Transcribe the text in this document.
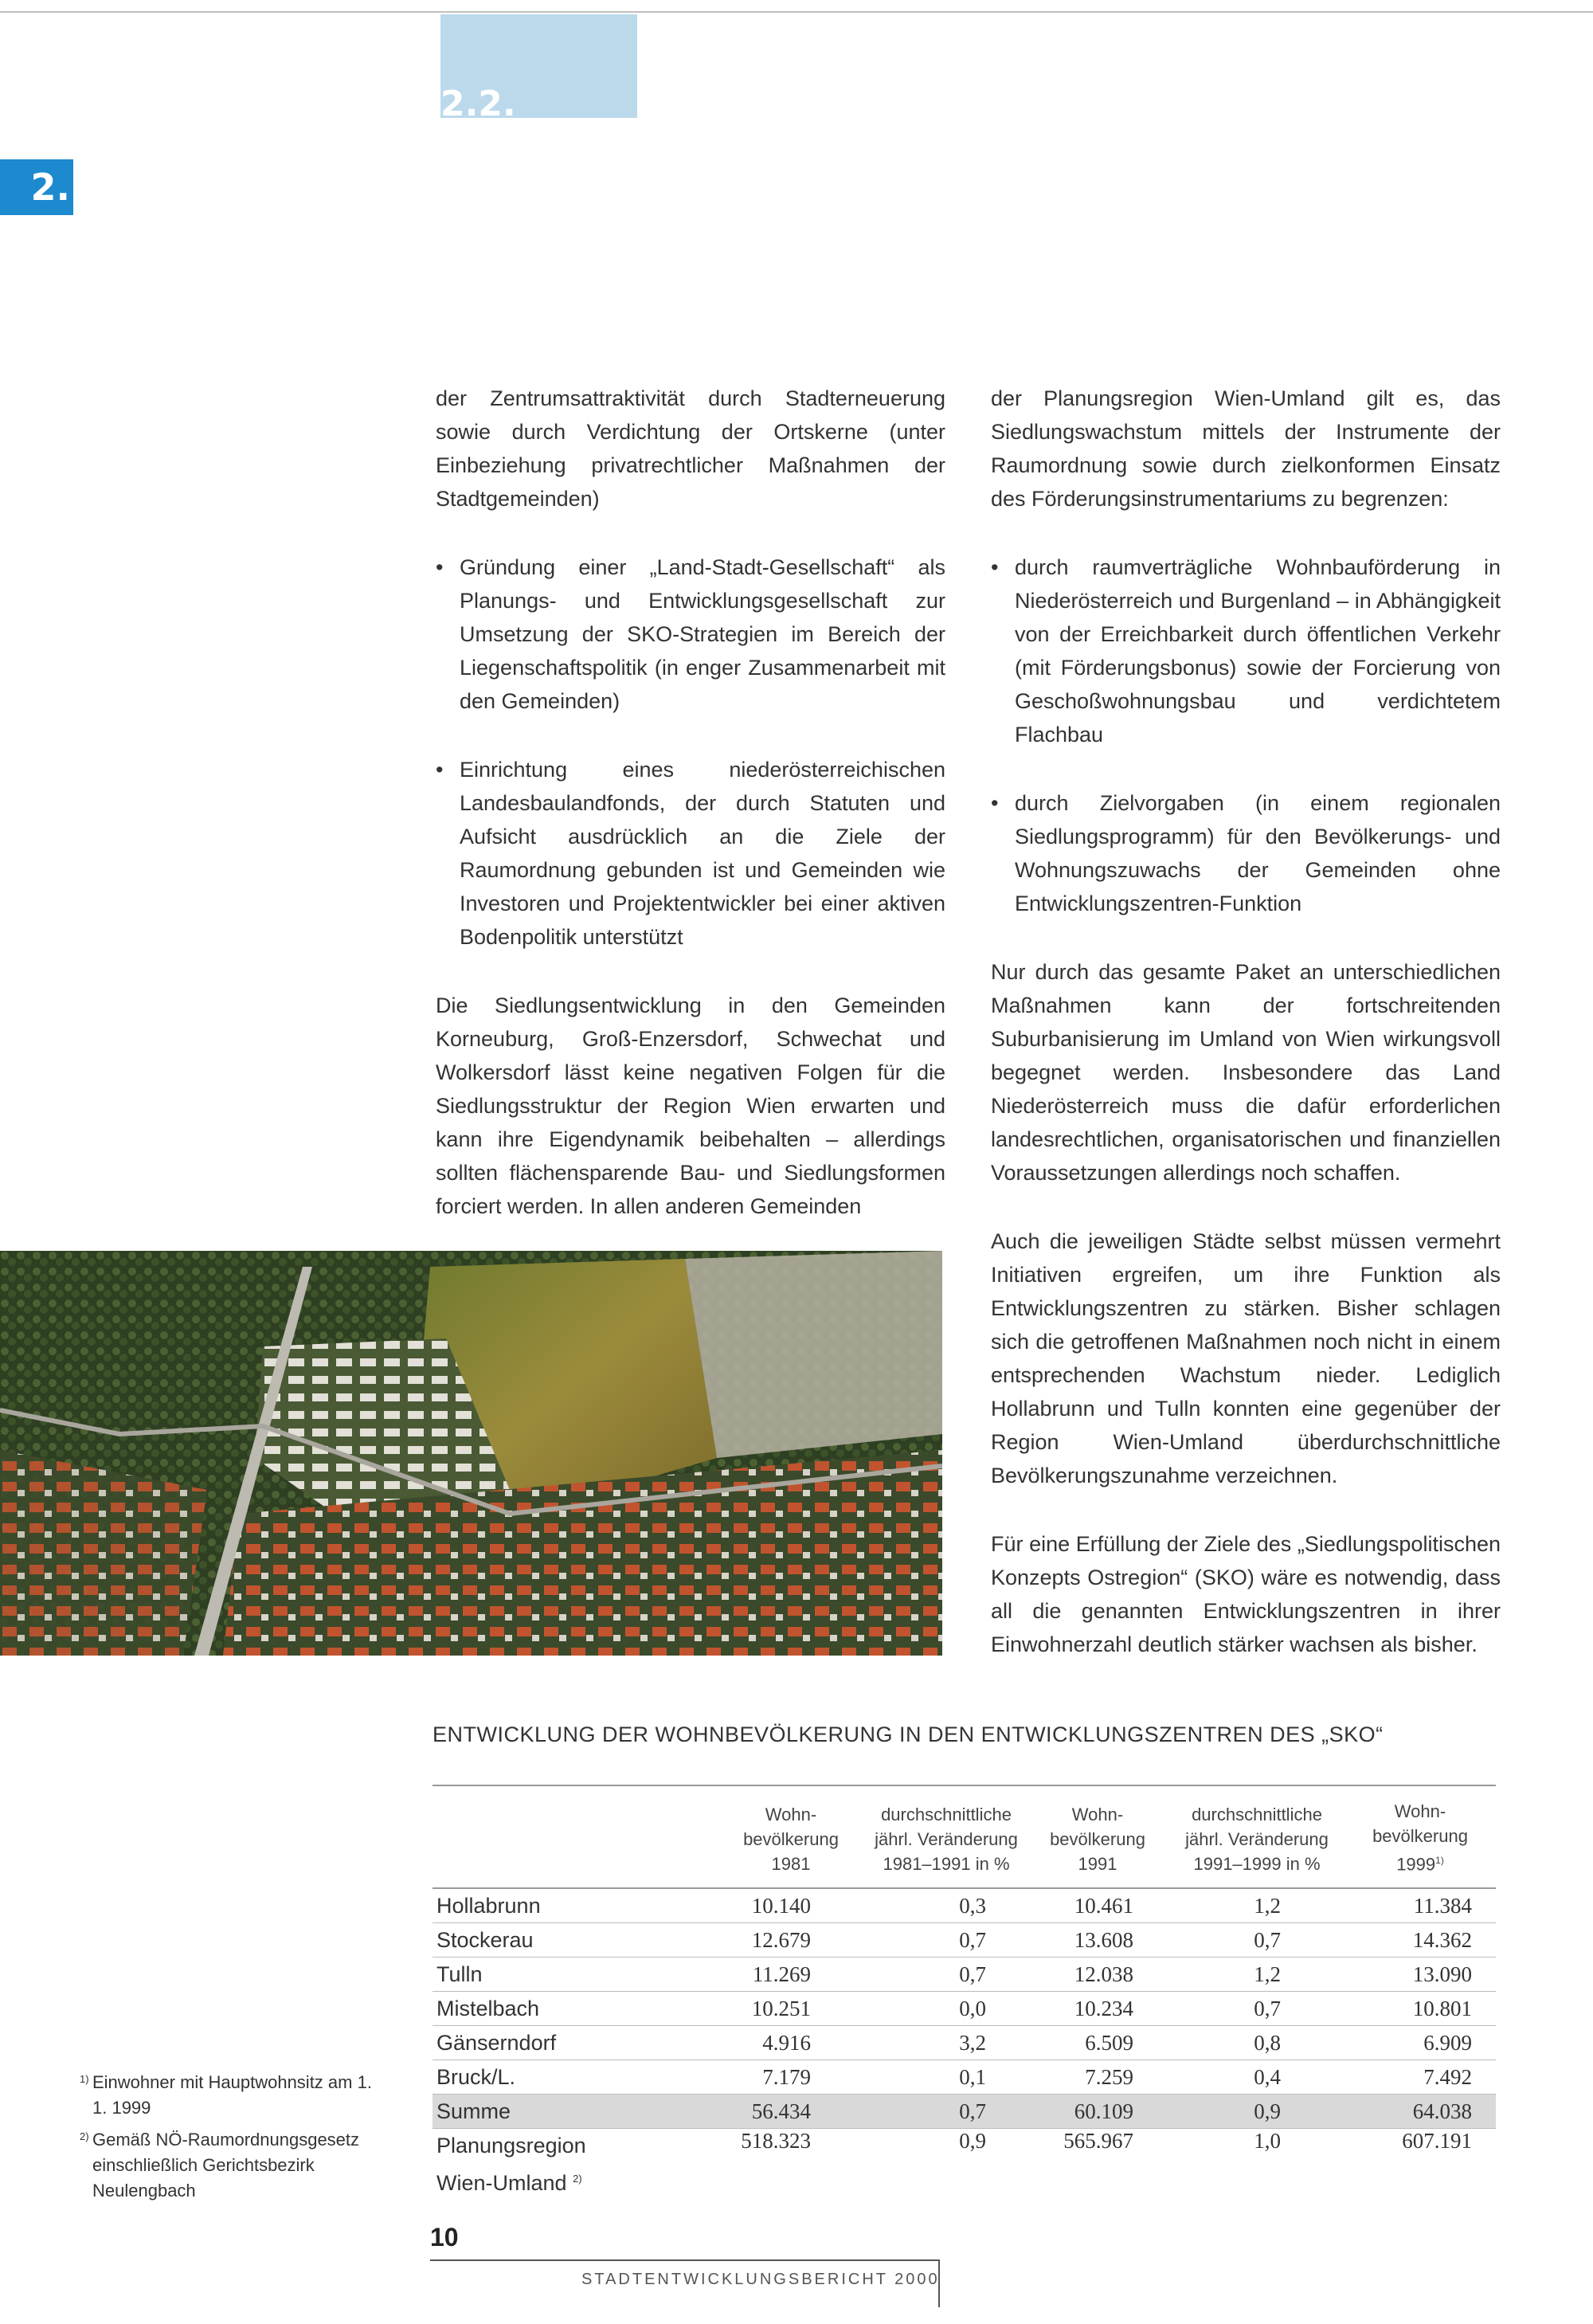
2.2.
2.

der Zentrumsattraktivität durch Stadterneuerung sowie durch Verdichtung der Ortskerne (unter Einbeziehung privatrechtlicher Maßnahmen der Stadtgemeinden)

• Gründung einer „Land-Stadt-Gesellschaft“ als Planungs- und Entwicklungsgesellschaft zur Umsetzung der SKO-Strategien im Bereich der Liegenschaftspolitik (in enger Zusammenarbeit mit den Gemeinden)
• Einrichtung eines niederösterreichischen Landesbaulandfonds, der durch Statuten und Aufsicht ausdrücklich an die Ziele der Raumordnung gebunden ist und Gemeinden wie Investoren und Projektentwickler bei einer aktiven Bodenpolitik unterstützt

Die Siedlungsentwicklung in den Gemeinden Korneuburg, Groß-Enzersdorf, Schwechat und Wolkersdorf lässt keine negativen Folgen für die Siedlungsstruktur der Region Wien erwarten und kann ihre Eigendynamik beibehalten – allerdings sollten flächensparende Bau- und Siedlungsformen forciert werden. In allen anderen Gemeinden

der Planungsregion Wien-Umland gilt es, das Siedlungswachstum mittels der Instrumente der Raumordnung sowie durch zielkonformen Einsatz des Förderungsinstrumentariums zu begrenzen:

• durch raumverträgliche Wohnbauförderung in Niederösterreich und Burgenland – in Abhängigkeit von der Erreichbarkeit durch öffentlichen Verkehr (mit Förderungsbonus) sowie der Forcierung von Geschoßwohnungsbau und verdichtetem Flachbau
• durch Zielvorgaben (in einem regionalen Siedlungsprogramm) für den Bevölkerungs- und Wohnungszuwachs der Gemeinden ohne Entwicklungszentren-Funktion

Nur durch das gesamte Paket an unterschiedlichen Maßnahmen kann der fortschreitenden Suburbanisierung im Umland von Wien wirkungsvoll begegnet werden. Insbesondere das Land Niederösterreich muss die dafür erforderlichen landesrechtlichen, organisatorischen und finanziellen Voraussetzungen allerdings noch schaffen.

Auch die jeweiligen Städte selbst müssen vermehrt Initiativen ergreifen, um ihre Funktion als Entwicklungszentren zu stärken. Bisher schlagen sich die getroffenen Maßnahmen noch nicht in einem entsprechenden Wachstum nieder. Lediglich Hollabrunn und Tulln konnten eine gegenüber der Region Wien-Umland überdurchschnittliche Bevölkerungszunahme verzeichnen.

Für eine Erfüllung der Ziele des „Siedlungspolitischen Konzepts Ostregion“ (SKO) wäre es notwendig, dass all die genannten Entwicklungszentren in ihrer Einwohnerzahl deutlich stärker wachsen als bisher.

ENTWICKLUNG DER WOHNBEVÖLKERUNG IN DEN ENTWICKLUNGSZENTREN DES „SKO“
	Wohn-
bevölkerung
1981	durchschnittliche
jährl. Veränderung
1981–1991 in %	Wohn-
bevölkerung
1991	durchschnittliche
jährl. Veränderung
1991–1999 in %	Wohn-
bevölkerung
1999$^{1)}$
Hollabrunn	10.140	0,3	10.461	1,2	11.384
Stockerau	12.679	0,7	13.608	0,7	14.362
Tulln	11.269	0,7	12.038	1,2	13.090
Mistelbach	10.251	0,0	10.234	0,7	10.801
Gänserndorf	4.916	3,2	6.509	0,8	6.909
Bruck/L.	7.179	0,1	7.259	0,4	7.492
Summe	56.434	0,7	60.109	0,9	64.038
Planungsregion
Wien-Umland $^{2)}$	518.323	0,9	565.967	1,0	607.191
1) Einwohner mit Hauptwohnsitz am 1. 1. 1999
2) Gemäß NÖ-Raumordnungsgesetz einschließlich Gerichtsbezirk Neulengbach
10
STADTENTWICKLUNGSBERICHT 2000
